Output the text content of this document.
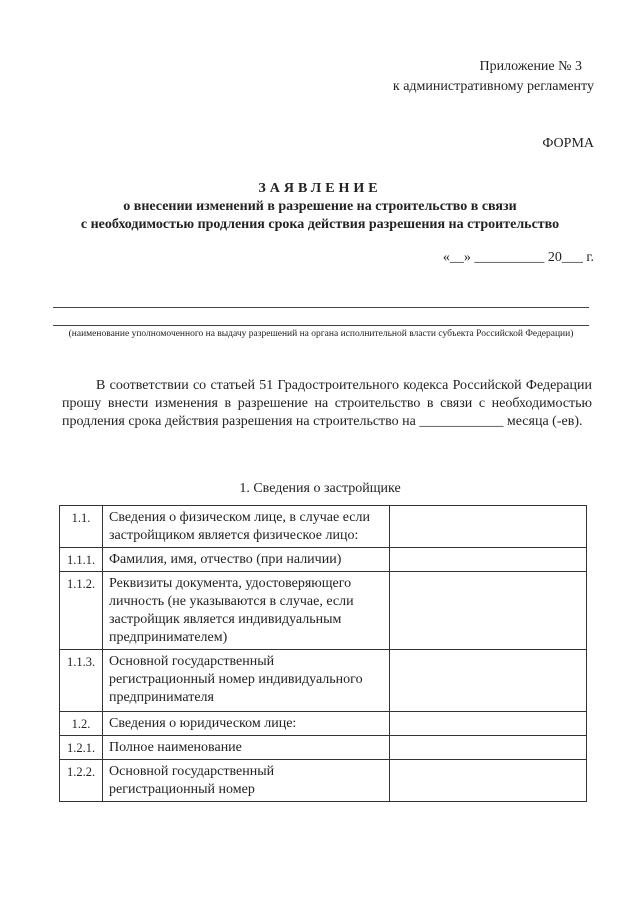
Приложение № 3
к административному регламенту
ФОРМА
ЗАЯВЛЕНИЕ
о внесении изменений в разрешение на строительство в связи
с необходимостью продления срока действия разрешения на строительство
«__» __________ 20___ г.
(наименование уполномоченного на выдачу разрешений на органа исполнительной власти субъекта Российской Федерации)
В соответствии со статьей 51 Градостроительного кодекса Российской Федерации прошу внести изменения в разрешение на строительство в связи с необходимостью продления срока действия разрешения на строительство на ____________ месяца (-ев).
1. Сведения о застройщике
1.1.	Сведения о физическом лице, в случае если застройщиком является физическое лицо:	
1.1.1.	Фамилия, имя, отчество (при наличии)	
1.1.2.	Реквизиты документа, удостоверяющего личность (не указываются в случае, если застройщик является индивидуальным предпринимателем)	
1.1.3.	Основной государственный регистрационный номер индивидуального предпринимателя	
1.2.	Сведения о юридическом лице:	
1.2.1.	Полное наименование	
1.2.2.	Основной государственный регистрационный номер	
